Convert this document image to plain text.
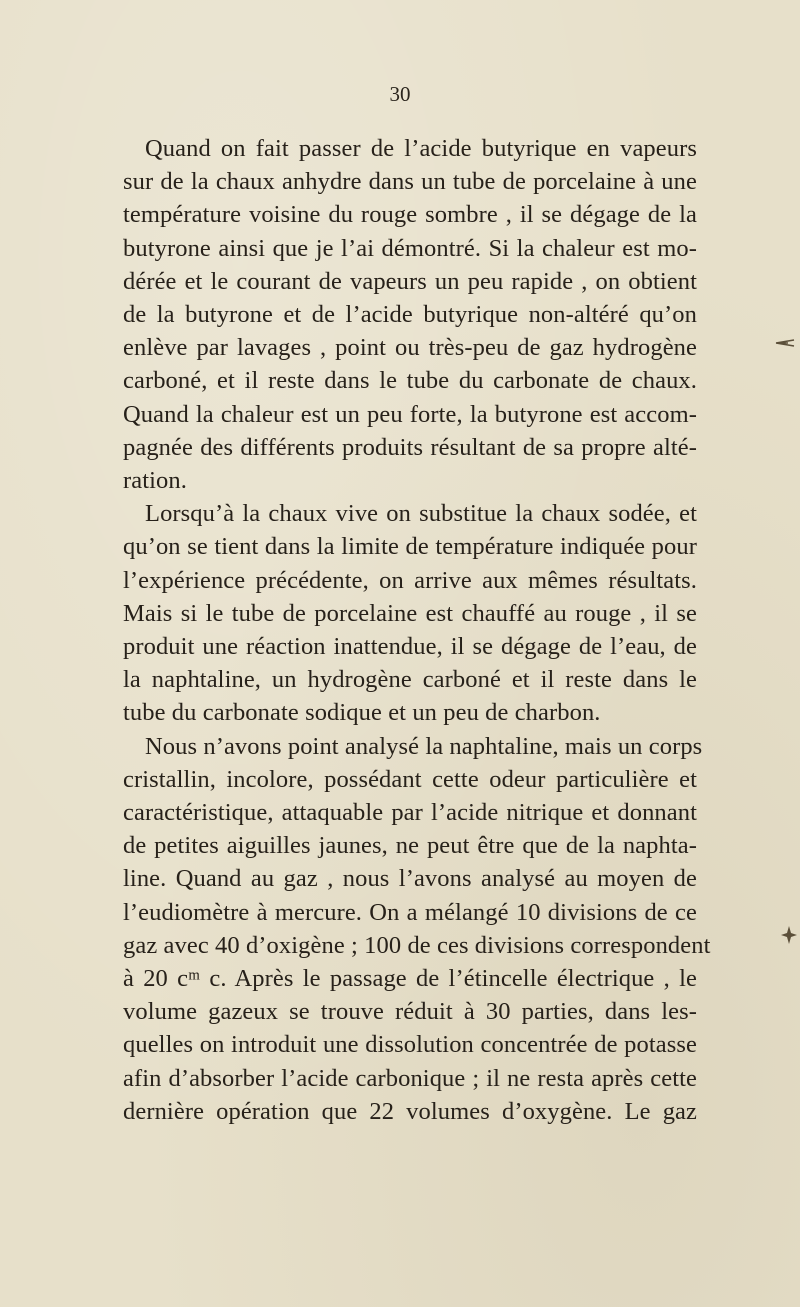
30
Quand on fait passer de l’acide butyrique en vapeurs
sur de la chaux anhydre dans un tube de porcelaine à une
température voisine du rouge sombre , il se dégage de la
butyrone ainsi que je l’ai démontré. Si la chaleur est mo-
dérée et le courant de vapeurs un peu rapide , on obtient
de la butyrone et de l’acide butyrique non-altéré qu’on
enlève par lavages , point ou très-peu de gaz hydrogène
carboné, et il reste dans le tube du carbonate de chaux.
Quand la chaleur est un peu forte, la butyrone est accom-
pagnée des différents produits résultant de sa propre alté-
ration.
Lorsqu’à la chaux vive on substitue la chaux sodée, et
qu’on se tient dans la limite de température indiquée pour
l’expérience précédente, on arrive aux mêmes résultats.
Mais si le tube de porcelaine est chauffé au rouge , il se
produit une réaction inattendue, il se dégage de l’eau, de
la naphtaline, un hydrogène carboné et il reste dans le
tube du carbonate sodique et un peu de charbon.
Nous n’avons point analysé la naphtaline, mais un corps
cristallin, incolore, possédant cette odeur particulière et
caractéristique, attaquable par l’acide nitrique et donnant
de petites aiguilles jaunes, ne peut être que de la naphta-
line. Quand au gaz , nous l’avons analysé au moyen de
l’eudiomètre à mercure. On a mélangé 10 divisions de ce
gaz avec 40 d’oxigène ; 100 de ces divisions correspondent
à 20 cᵐ c. Après le passage de l’étincelle électrique , le
volume gazeux se trouve réduit à 30 parties, dans les-
quelles on introduit une dissolution concentrée de potasse
afin d’absorber l’acide carbonique ; il ne resta après cette
dernière opération que 22 volumes d’oxygène. Le gaz
